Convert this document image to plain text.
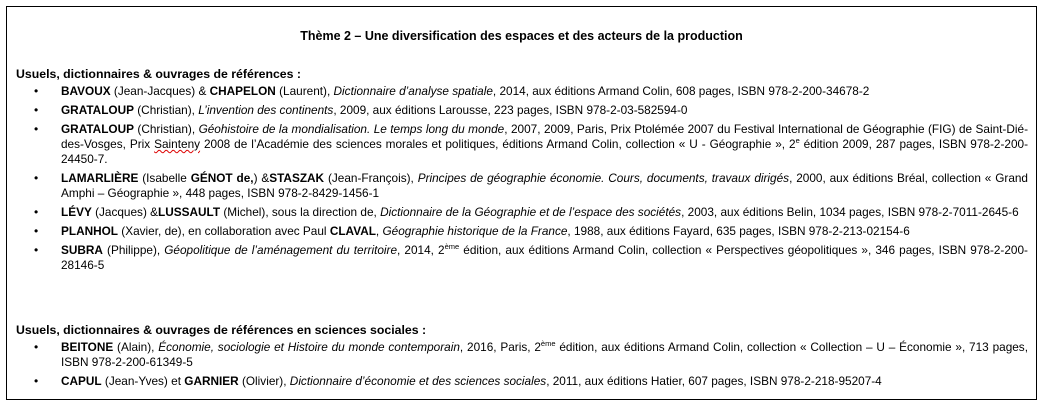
Thème 2 – Une diversification des espaces et des acteurs de la production
Usuels, dictionnaires & ouvrages de références :
• BAVOUX (Jean-Jacques) & CHAPELON (Laurent), Dictionnaire d’analyse spatiale, 2014, aux éditions Armand Colin, 608 pages, ISBN 978-2-200-34678-2
• GRATALOUP (Christian), L’invention des continents, 2009, aux éditions Larousse, 223 pages, ISBN 978-2-03-582594-0
• GRATALOUP (Christian), Géohistoire de la mondialisation. Le temps long du monde, 2007, 2009, Paris, Prix Ptolémée 2007 du Festival International de Géographie (FIG) de Saint-Dié-des-Vosges, Prix Sainteny 2008 de l’Académie des sciences morales et politiques, éditions Armand Colin, collection « U - Géographie », 2e édition 2009, 287 pages, ISBN 978-2-200-24450-7.
• LAMARLIÈRE (Isabelle GÉNOT de,) &STASZAK (Jean-François), Principes de géographie économie. Cours, documents, travaux dirigés, 2000, aux éditions Bréal, collection « Grand Amphi – Géographie », 448 pages, ISBN 978-2-8429-1456-1
• LÉVY (Jacques) &LUSSAULT (Michel), sous la direction de, Dictionnaire de la Géographie et de l’espace des sociétés, 2003, aux éditions Belin, 1034 pages, ISBN 978-2-7011-2645-6
• PLANHOL (Xavier, de), en collaboration avec Paul CLAVAL, Géographie historique de la France, 1988, aux éditions Fayard, 635 pages, ISBN 978-2-213-02154-6
• SUBRA (Philippe), Géopolitique de l’aménagement du territoire, 2014, 2ème édition, aux éditions Armand Colin, collection « Perspectives géopolitiques », 346 pages, ISBN 978-2-200-28146-5
Usuels, dictionnaires & ouvrages de références en sciences sociales :
• BEITONE (Alain), Économie, sociologie et Histoire du monde contemporain, 2016, Paris, 2ème édition, aux éditions Armand Colin, collection « Collection – U – Économie », 713 pages, ISBN 978-2-200-61349-5
• CAPUL (Jean-Yves) et GARNIER (Olivier), Dictionnaire d’économie et des sciences sociales, 2011, aux éditions Hatier, 607 pages, ISBN 978-2-218-95207-4
